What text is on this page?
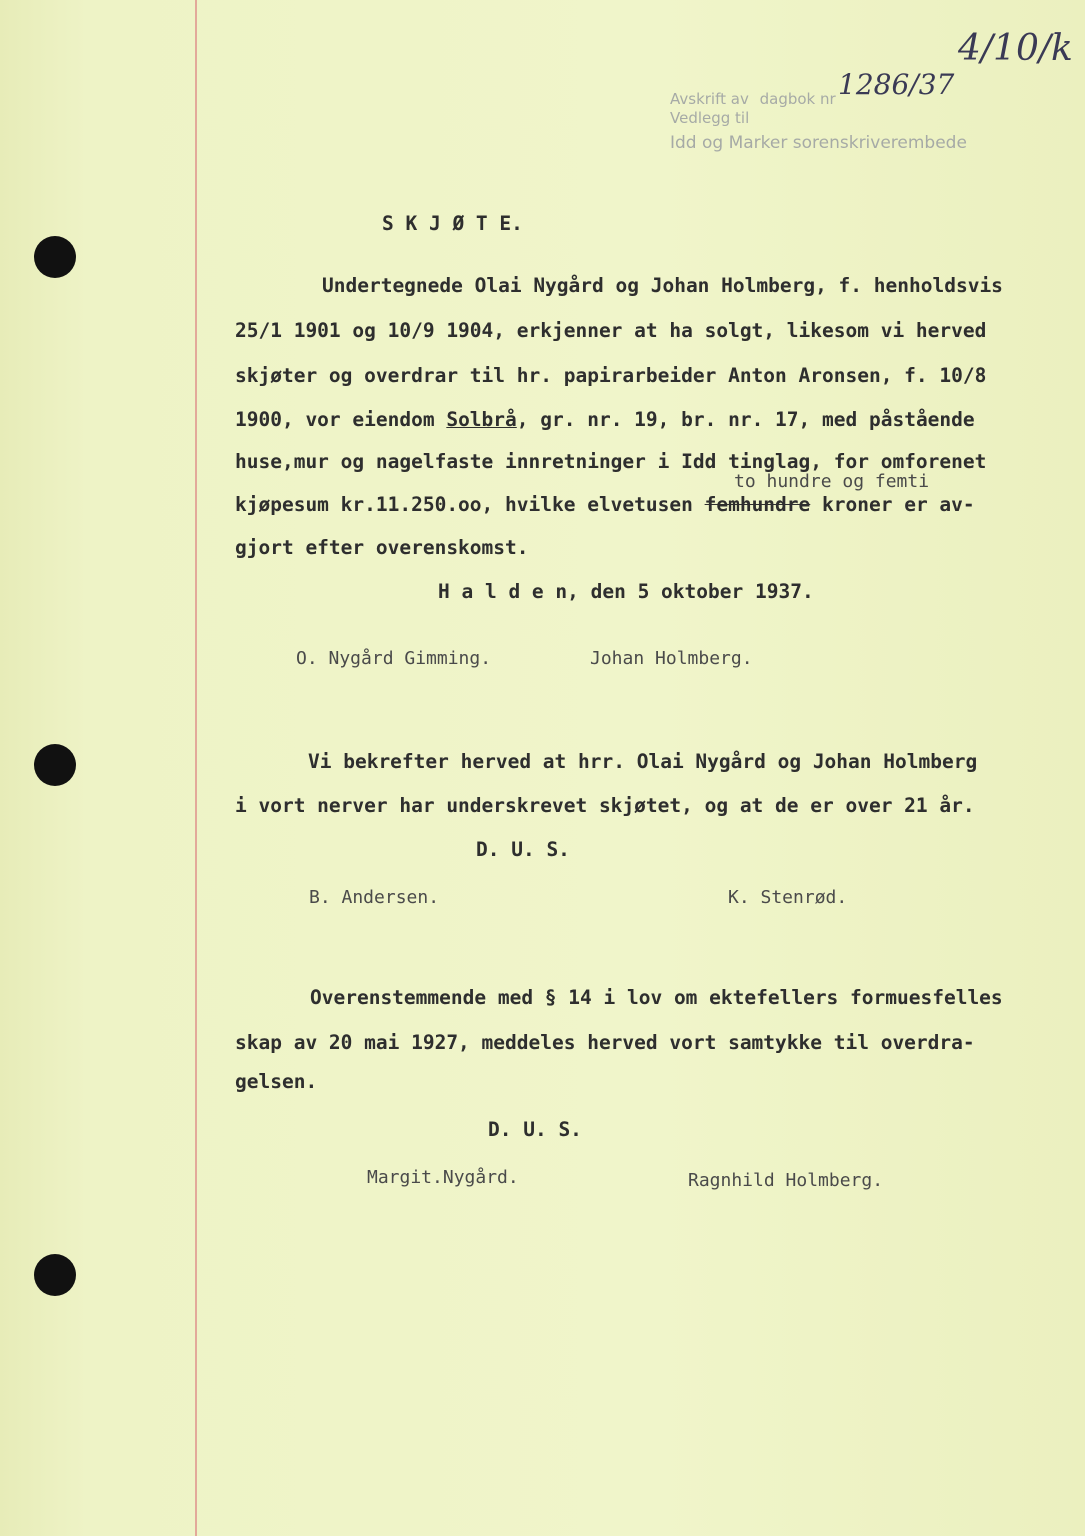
Avskrift av dagbok nr
Vedlegg til
Idd og Marker sorenskriverembede
1286/37
4/10/k
S K J Ø T E.
Undertegnede Olai Nygård og Johan Holmberg, f. henholdsvis
25/1 1901 og 10/9 1904, erkjenner at ha solgt, likesom vi herved
skjøter og overdrar til hr. papirarbeider Anton Aronsen, f. 10/8
1900, vor eiendom Solbrå, gr. nr. 19, br. nr. 17, med påstående
huse,mur og nagelfaste innretninger i Idd tinglag, for omforenet
to hundre og femti
kjøpesum kr.11.250.oo, hvilke elvetusen femhundre kroner er av-
gjort efter overenskomst.
H a l d e n, den 5 oktober 1937.
O. Nygård Gimming.	Johan Holmberg.
Vi bekrefter herved at hrr. Olai Nygård og Johan Holmberg
i vort nerver har underskrevet skjøtet, og at de er over 21 år.
D. U. S.
B. Andersen.	K. Stenrød.
Overenstemmende med § 14 i lov om ektefellers formuesfelles
skap av 20 mai 1927, meddeles herved vort samtykke til overdra-
gelsen.
D. U. S.
Margit.Nygård.	Ragnhild Holmberg.
